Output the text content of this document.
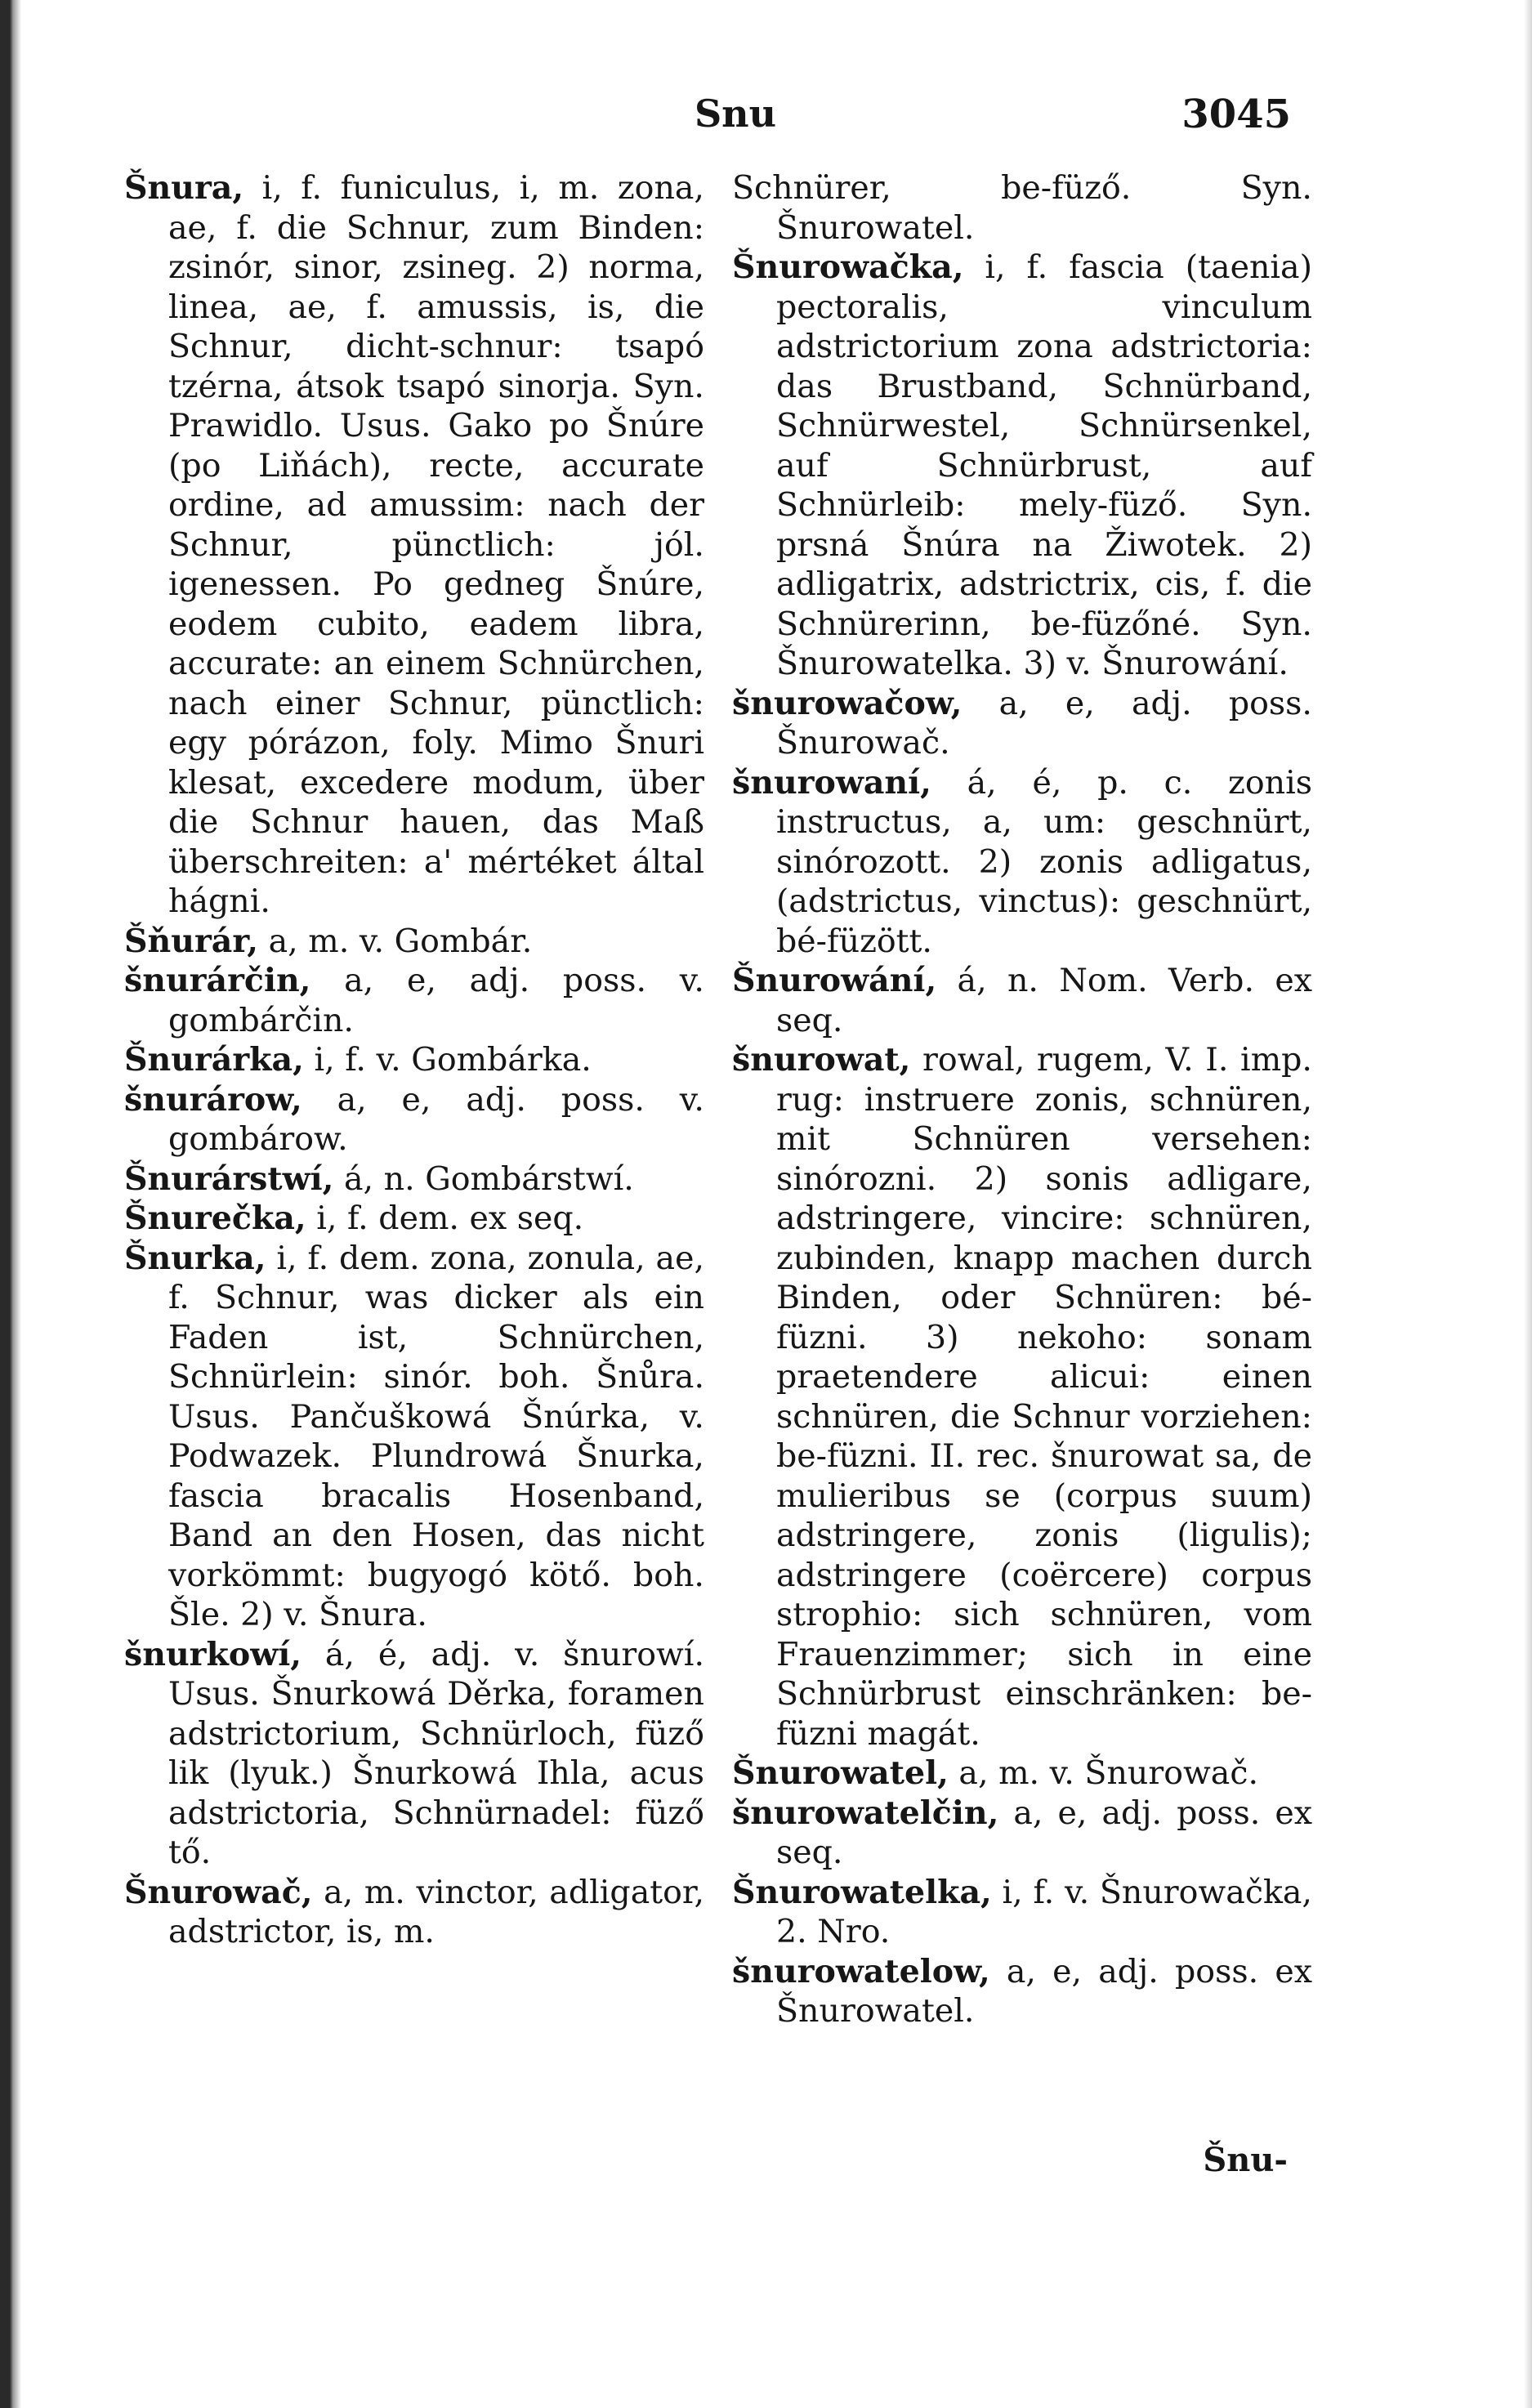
Snu	3045

Šnura, i, f. funiculus, i, m. zona, ae, f. die Schnur, zum Binden: zsinór, sinor, zsineg. 2) norma, linea, ae, f. amussis, is, die Schnur, dicht-schnur: tsapó tzérna, átsok tsapó sinorja. Syn. Prawidlo. Usus. Gako po Šnúre (po Liňách), recte, accurate ordine, ad amussim: nach der Schnur, pünctlich: jól. igenessen. Po gedneg Šnúre, eodem cubito, eadem libra, accurate: an einem Schnürchen, nach einer Schnur, pünctlich: egy pórázon, foly. Mimo Šnuri klesat, excedere modum, über die Schnur hauen, das Maß überschreiten: a' mértéket által hágni.

Šňurár, a, m. v. Gombár.

šnurárčin, a, e, adj. poss. v. gombárčin.

Šnurárka, i, f. v. Gombárka.

šnurárow, a, e, adj. poss. v. gombárow.

Šnurárstwí, á, n. Gombárstwí.

Šnurečka, i, f. dem. ex seq.

Šnurka, i, f. dem. zona, zonula, ae, f. Schnur, was dicker als ein Faden ist, Schnürchen, Schnürlein: sinór. boh. Šnůra. Usus. Pančuškowá Šnúrka, v. Podwazek. Plundrowá Šnurka, fascia bracalis Hosenband, Band an den Hosen, das nicht vorkömmt: bugyogó kötő. boh. Šle. 2) v. Šnura.

šnurkowí, á, é, adj. v. šnurowí. Usus. Šnurkowá Děrka, foramen adstrictorium, Schnürloch, füző lik (lyuk.) Šnurkowá Ihla, acus adstrictoria, Schnürnadel: füző tő.

Šnurowač, a, m. vinctor, adligator, adstrictor, is, m.

Schnürer, be-füző. Syn. Šnurowatel.

Šnurowačka, i, f. fascia (taenia) pectoralis, vinculum adstrictorium zona adstrictoria: das Brustband, Schnürband, Schnürwestel, Schnürsenkel, auf Schnürbrust, auf Schnürleib: mely-füző. Syn. prsná Šnúra na Žiwotek. 2) adligatrix, adstrictrix, cis, f. die Schnürerinn, be-füzőné. Syn. Šnurowatelka. 3) v. Šnurowání.

šnurowačow, a, e, adj. poss. Šnurowač.

šnurowaní, á, é, p. c. zonis instructus, a, um: geschnürt, sinórozott. 2) zonis adligatus, (adstrictus, vinctus): geschnürt, bé-füzött.

Šnurowání, á, n. Nom. Verb. ex seq.

šnurowat, rowal, rugem, V. I. imp. rug: instruere zonis, schnüren, mit Schnüren versehen: sinórozni. 2) sonis adligare, adstringere, vincire: schnüren, zubinden, knapp machen durch Binden, oder Schnüren: bé-füzni. 3) nekoho: sonam praetendere alicui: einen schnüren, die Schnur vorziehen: be-füzni. II. rec. šnurowat sa, de mulieribus se (corpus suum) adstringere, zonis (ligulis); adstringere (coërcere) corpus strophio: sich schnüren, vom Frauenzimmer; sich in eine Schnürbrust einschränken: be-füzni magát.

Šnurowatel, a, m. v. Šnurowač.

šnurowatelčin, a, e, adj. poss. ex seq.

Šnurowatelka, i, f. v. Šnurowačka, 2. Nro.

šnurowatelow, a, e, adj. poss. ex Šnurowatel.

Šnu-
